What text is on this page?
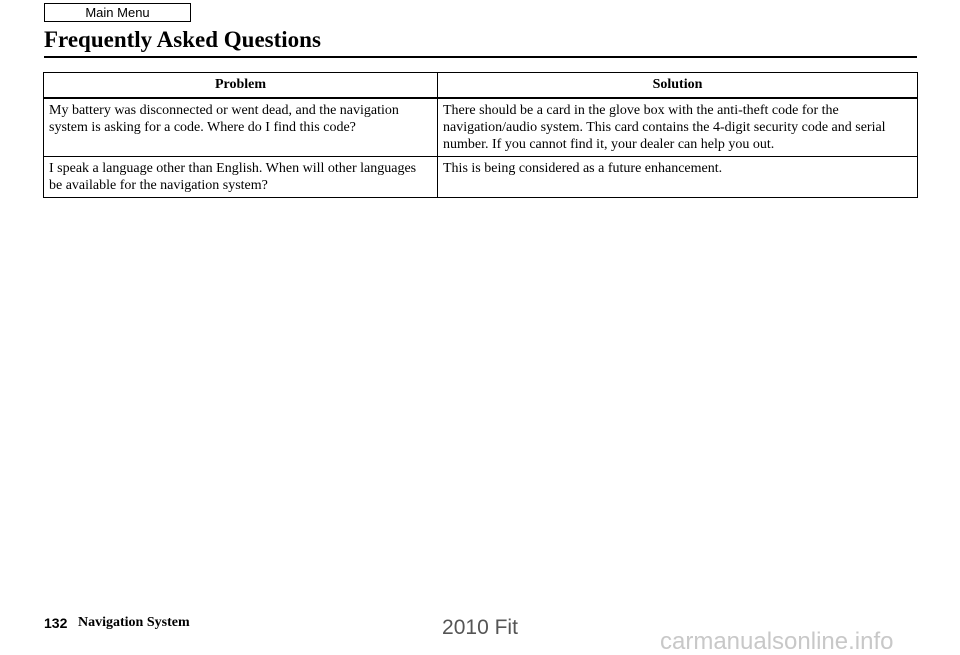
Main Menu
Frequently Asked Questions
Problem	Solution
My battery was disconnected or went dead, and the navigation system is asking for a code. Where do I find this code?	There should be a card in the glove box with the anti-theft code for the navigation/audio system. This card contains the 4-digit security code and serial number. If you cannot find it, your dealer can help you out.
I speak a language other than English. When will other languages be available for the navigation system?	This is being considered as a future enhancement.
132 Navigation System	2010 Fit
carmanualsonline.info
